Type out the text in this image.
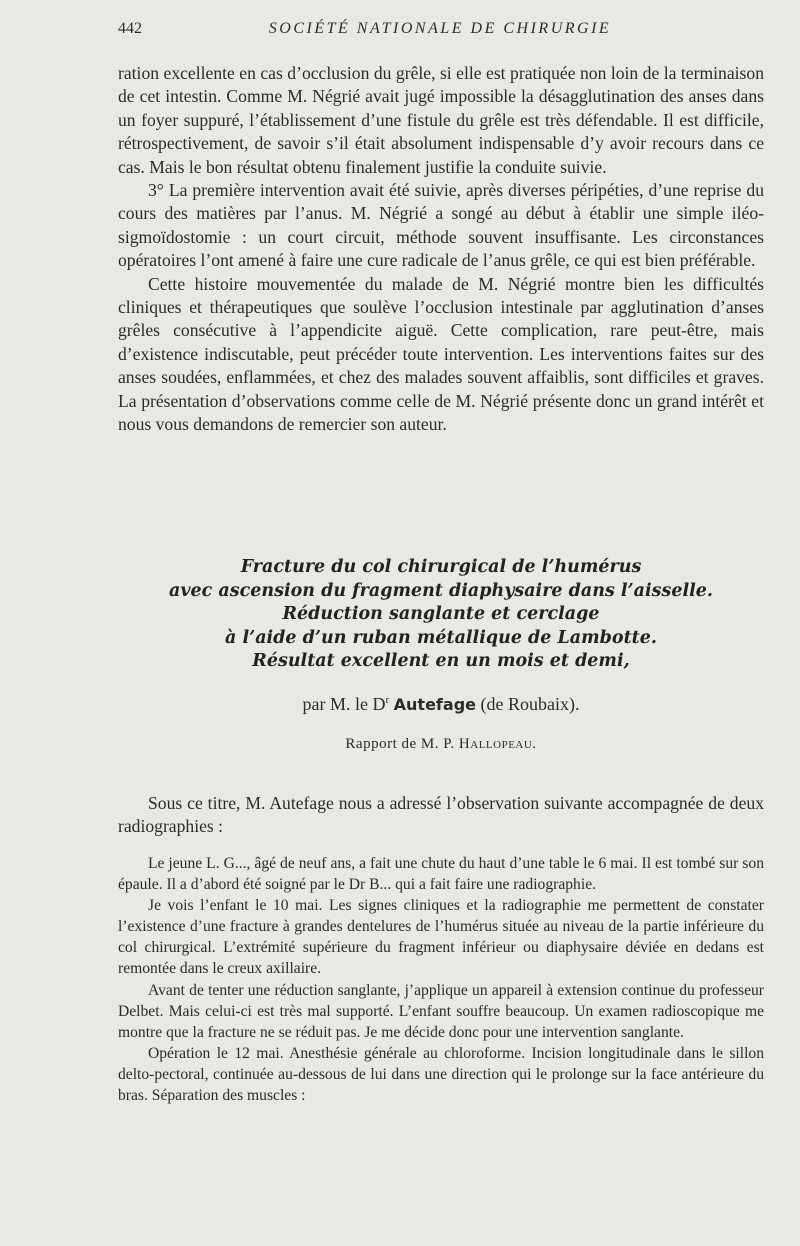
442	SOCIÉTÉ NATIONALE DE CHIRURGIE

ration excellente en cas d’occlusion du grêle, si elle est pratiquée non loin de la terminaison de cet intestin. Comme M. Négrié avait jugé impossible la désagglutination des anses dans un foyer suppuré, l’établissement d’une fistule du grêle est très défendable. Il est difficile, rétrospectivement, de savoir s’il était absolument indispensable d’y avoir recours dans ce cas. Mais le bon résultat obtenu finalement justifie la conduite suivie.

3° La première intervention avait été suivie, après diverses péripéties, d’une reprise du cours des matières par l’anus. M. Négrié a songé au début à établir une simple iléo-sigmoïdostomie : un court circuit, méthode souvent insuffisante. Les circonstances opératoires l’ont amené à faire une cure radicale de l’anus grêle, ce qui est bien préférable.

Cette histoire mouvementée du malade de M. Négrié montre bien les difficultés cliniques et thérapeutiques que soulève l’occlusion intestinale par agglutination d’anses grêles consécutive à l’appendicite aiguë. Cette complication, rare peut-être, mais d’existence indiscutable, peut précéder toute intervention. Les interventions faites sur des anses soudées, enflammées, et chez des malades souvent affaiblis, sont difficiles et graves. La présentation d’observations comme celle de M. Négrié présente donc un grand intérêt et nous vous demandons de remercier son auteur.

Fracture du col chirurgical de l’humérus
avec ascension du fragment diaphysaire dans l’aisselle.
Réduction sanglante et cerclage
à l’aide d’un ruban métallique de Lambotte.
Résultat excellent en un mois et demi,
par M. le $D^r$ Autefage (de Roubaix).
Rapport de M. P. Hallopeau.

Sous ce titre, M. Autefage nous a adressé l’observation suivante accompagnée de deux radiographies :

Le jeune L. G..., âgé de neuf ans, a fait une chute du haut d’une table le 6 mai. Il est tombé sur son épaule. Il a d’abord été soigné par le Dr B... qui a fait faire une radiographie.

Je vois l’enfant le 10 mai. Les signes cliniques et la radiographie me permettent de constater l’existence d’une fracture à grandes dentelures de l’humérus située au niveau de la partie inférieure du col chirurgical. L’extrémité supérieure du fragment inférieur ou diaphysaire déviée en dedans est remontée dans le creux axillaire.

Avant de tenter une réduction sanglante, j’applique un appareil à extension continue du professeur Delbet. Mais celui-ci est très mal supporté. L’enfant souffre beaucoup. Un examen radioscopique me montre que la fracture ne se réduit pas. Je me décide donc pour une intervention sanglante.

Opération le 12 mai. Anesthésie générale au chloroforme. Incision longitudinale dans le sillon delto-pectoral, continuée au-dessous de lui dans une direction qui le prolonge sur la face antérieure du bras. Séparation des muscles :
